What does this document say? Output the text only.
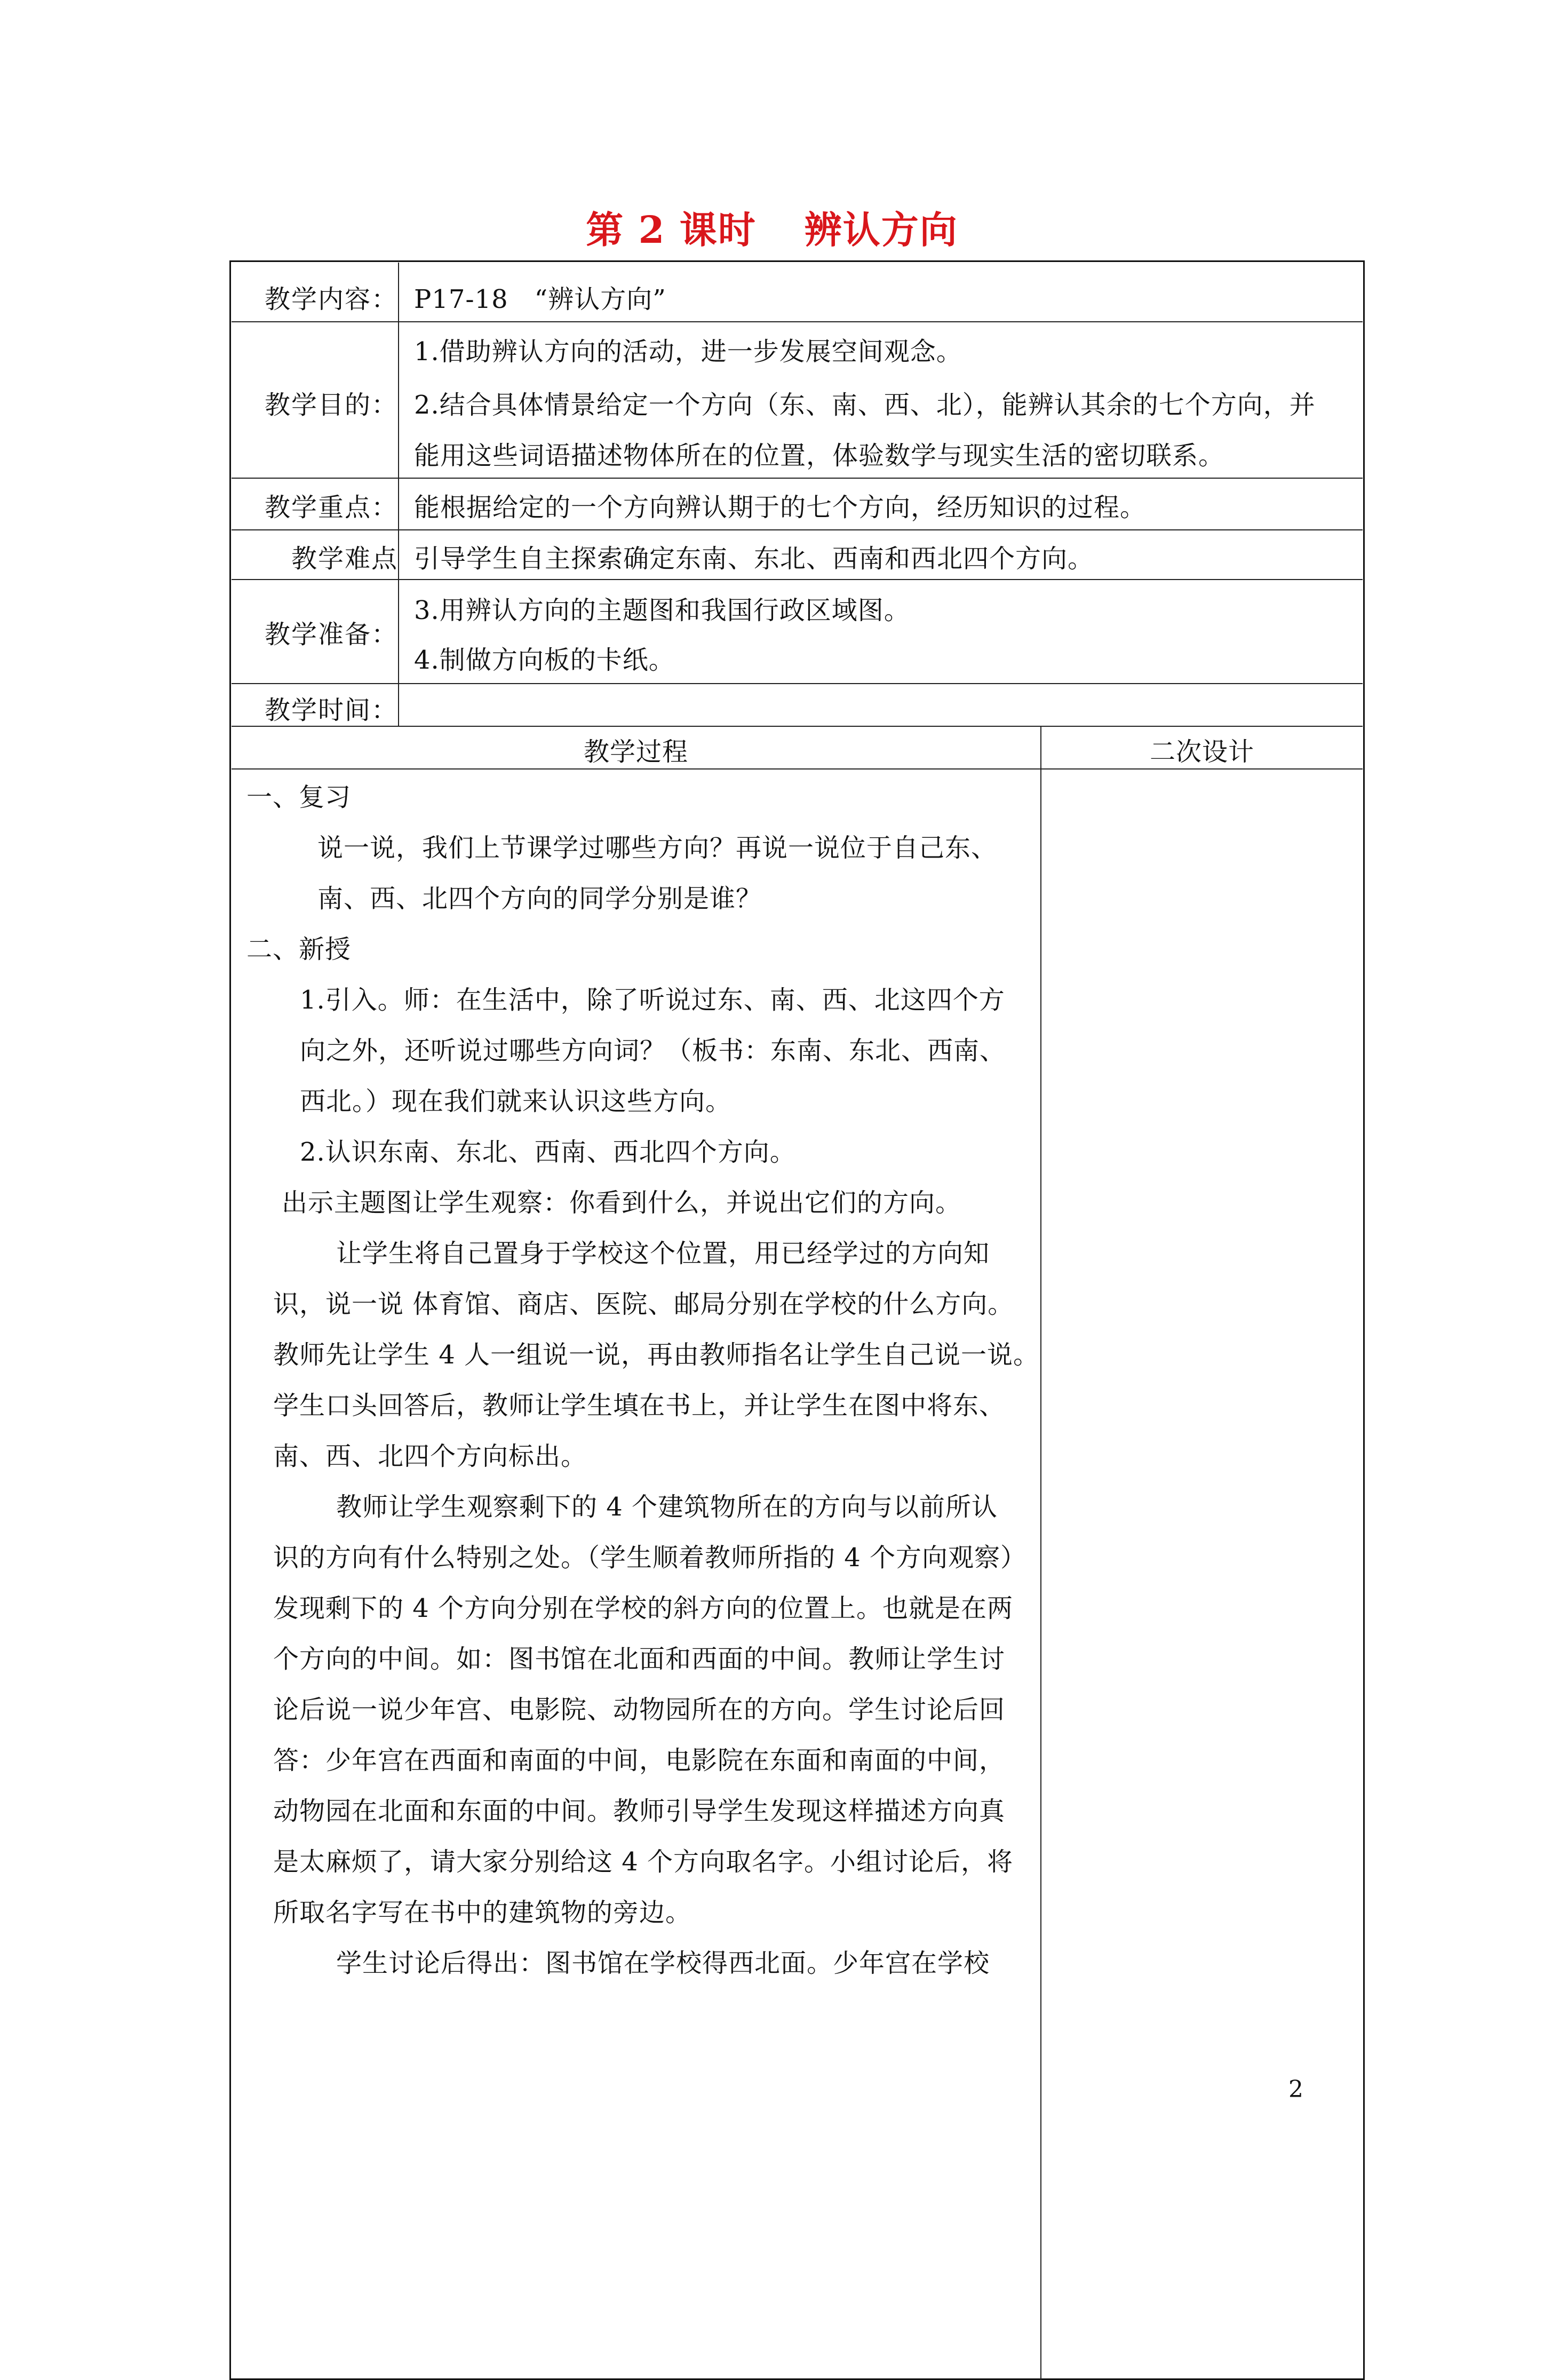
第 2 课时 辨认方向
教学内容： P17-18　“辨认方向”
教学目的：
1.借助辨认方向的活动，进一步发展空间观念。
2.结合具体情景给定一个方向（东、南、西、北），能辨认其余的七个方向，并
能用这些词语描述物体所在的位置，体验数学与现实生活的密切联系。
教学重点： 能根据给定的一个方向辨认期于的七个方向，经历知识的过程。
教学难点 引导学生自主探索确定东南、东北、西南和西北四个方向。
教学准备：
3.用辨认方向的主题图和我国行政区域图。
4.制做方向板的卡纸。
教学时间：
教学过程	二次设计
一、复习
说一说，我们上节课学过哪些方向？再说一说位于自己东、
南、西、北四个方向的同学分别是谁？
二、新授
1.引入。师：在生活中，除了听说过东、南、西、北这四个方
向之外，还听说过哪些方向词？（板书：东南、东北、西南、
西北。）现在我们就来认识这些方向。
2.认识东南、东北、西南、西北四个方向。
出示主题图让学生观察：你看到什么，并说出它们的方向。
让学生将自己置身于学校这个位置，用已经学过的方向知
识，说一说 体育馆、商店、医院、邮局分别在学校的什么方向。
教师先让学生 4 人一组说一说，再由教师指名让学生自己说一说。
学生口头回答后，教师让学生填在书上，并让学生在图中将东、
南、西、北四个方向标出。
教师让学生观察剩下的 4 个建筑物所在的方向与以前所认
识的方向有什么特别之处。（学生顺着教师所指的 4 个方向观察）
发现剩下的 4 个方向分别在学校的斜方向的位置上。也就是在两
个方向的中间。如：图书馆在北面和西面的中间。教师让学生讨
论后说一说少年宫、电影院、动物园所在的方向。学生讨论后回
答：少年宫在西面和南面的中间，电影院在东面和南面的中间，
动物园在北面和东面的中间。教师引导学生发现这样描述方向真
是太麻烦了，请大家分别给这 4 个方向取名字。小组讨论后，将
所取名字写在书中的建筑物的旁边。
学生讨论后得出：图书馆在学校得西北面。少年宫在学校
2
